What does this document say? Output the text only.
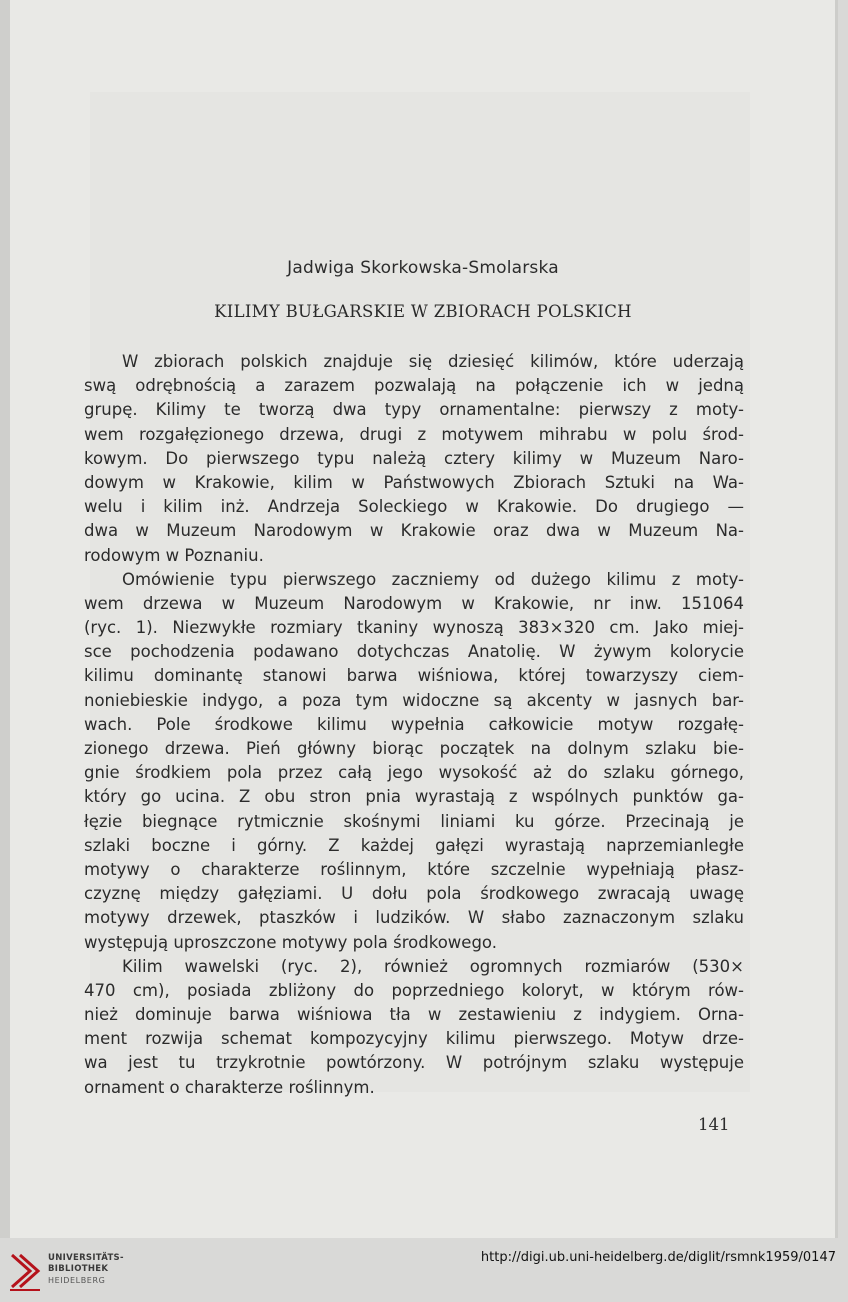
Jadwiga Skorkowska-Smolarska
KILIMY BUŁGARSKIE W ZBIORACH POLSKICH
W zbiorach polskich znajduje się dziesięć kilimów, które uderzają
swą odrębnością a zarazem pozwalają na połączenie ich w jedną
grupę. Kilimy te tworzą dwa typy ornamentalne: pierwszy z moty-
wem rozgałęzionego drzewa, drugi z motywem mihrabu w polu środ-
kowym. Do pierwszego typu należą cztery kilimy w Muzeum Naro-
dowym w Krakowie, kilim w Państwowych Zbiorach Sztuki na Wa-
welu i kilim inż. Andrzeja Soleckiego w Krakowie. Do drugiego —
dwa w Muzeum Narodowym w Krakowie oraz dwa w Muzeum Na-
rodowym w Poznaniu.
Omówienie typu pierwszego zaczniemy od dużego kilimu z moty-
wem drzewa w Muzeum Narodowym w Krakowie, nr inw. 151064
(ryc. 1). Niezwykłe rozmiary tkaniny wynoszą 383×320 cm. Jako miej-
sce pochodzenia podawano dotychczas Anatolię. W żywym kolorycie
kilimu dominantę stanowi barwa wiśniowa, której towarzyszy ciem-
noniebieskie indygo, a poza tym widoczne są akcenty w jasnych bar-
wach. Pole środkowe kilimu wypełnia całkowicie motyw rozgałę-
zionego drzewa. Pień główny biorąc początek na dolnym szlaku bie-
gnie środkiem pola przez całą jego wysokość aż do szlaku górnego,
który go ucina. Z obu stron pnia wyrastają z wspólnych punktów ga-
łęzie biegnące rytmicznie skośnymi liniami ku górze. Przecinają je
szlaki boczne i górny. Z każdej gałęzi wyrastają naprzemianległe
motywy o charakterze roślinnym, które szczelnie wypełniają płasz-
czyznę między gałęziami. U dołu pola środkowego zwracają uwagę
motywy drzewek, ptaszków i ludzików. W słabo zaznaczonym szlaku
występują uproszczone motywy pola środkowego.
Kilim wawelski (ryc. 2), również ogromnych rozmiarów (530×
470 cm), posiada zbliżony do poprzedniego koloryt, w którym rów-
nież dominuje barwa wiśniowa tła w zestawieniu z indygiem. Orna-
ment rozwija schemat kompozycyjny kilimu pierwszego. Motyw drze-
wa jest tu trzykrotnie powtórzony. W potrójnym szlaku występuje
ornament o charakterze roślinnym.
141
UNIVERSITÄTS-
BIBLIOTHEK
HEIDELBERG
http://digi.ub.uni-heidelberg.de/diglit/rsmnk1959/0147
